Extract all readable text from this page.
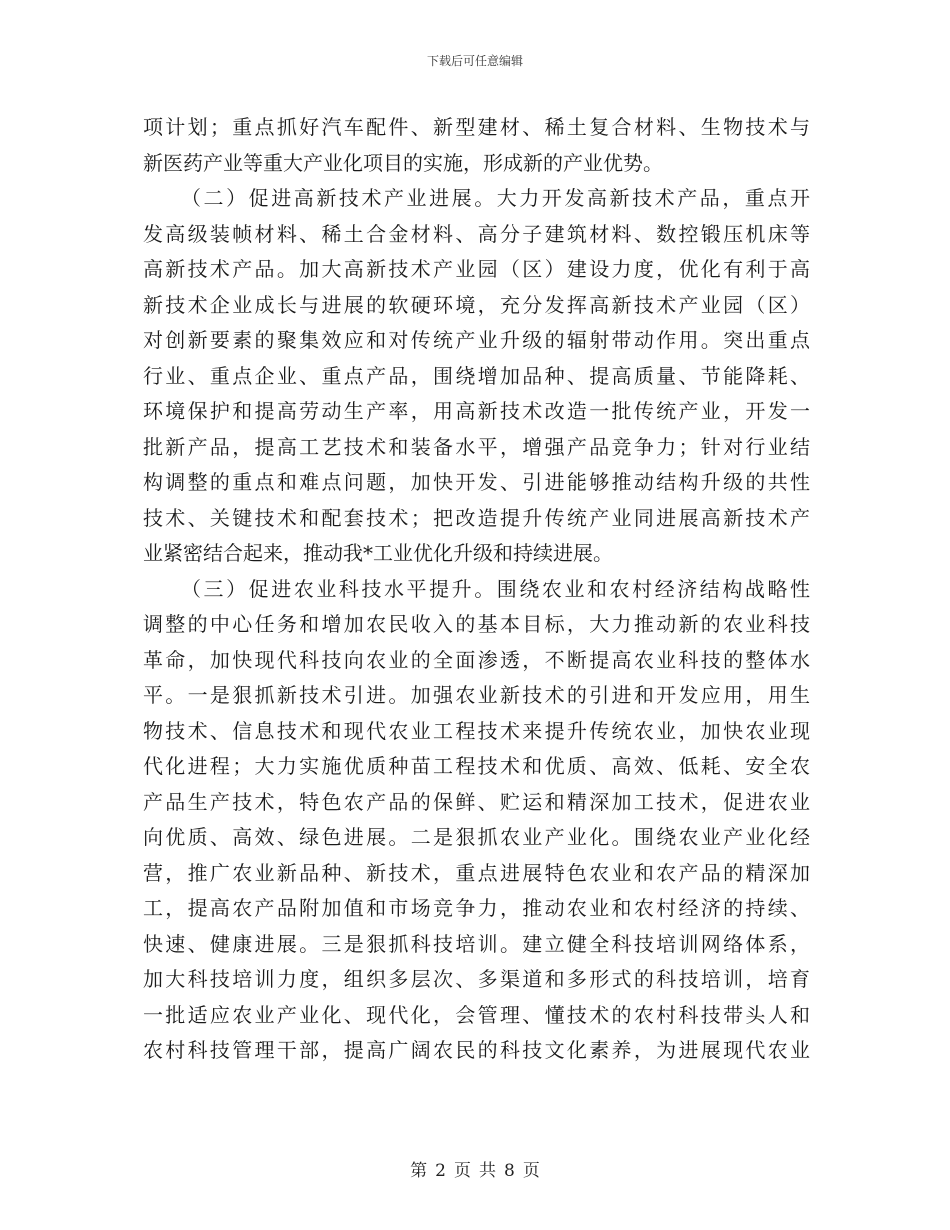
下载后可任意编辑
项计划；重点抓好汽车配件、新型建材、稀土复合材料、生物技术与
新医药产业等重大产业化项目的实施，形成新的产业优势。
（二）促进高新技术产业进展。大力开发高新技术产品，重点开
发高级装帧材料、稀土合金材料、高分子建筑材料、数控锻压机床等
高新技术产品。加大高新技术产业园（区）建设力度，优化有利于高
新技术企业成长与进展的软硬环境，充分发挥高新技术产业园（区）
对创新要素的聚集效应和对传统产业升级的辐射带动作用。突出重点
行业、重点企业、重点产品，围绕增加品种、提高质量、节能降耗、
环境保护和提高劳动生产率，用高新技术改造一批传统产业，开发一
批新产品，提高工艺技术和装备水平，增强产品竞争力；针对行业结
构调整的重点和难点问题，加快开发、引进能够推动结构升级的共性
技术、关键技术和配套技术；把改造提升传统产业同进展高新技术产
业紧密结合起来，推动我*工业优化升级和持续进展。
（三）促进农业科技水平提升。围绕农业和农村经济结构战略性
调整的中心任务和增加农民收入的基本目标，大力推动新的农业科技
革命，加快现代科技向农业的全面渗透，不断提高农业科技的整体水
平。一是狠抓新技术引进。加强农业新技术的引进和开发应用，用生
物技术、信息技术和现代农业工程技术来提升传统农业，加快农业现
代化进程；大力实施优质种苗工程技术和优质、高效、低耗、安全农
产品生产技术，特色农产品的保鲜、贮运和精深加工技术，促进农业
向优质、高效、绿色进展。二是狠抓农业产业化。围绕农业产业化经
营，推广农业新品种、新技术，重点进展特色农业和农产品的精深加
工，提高农产品附加值和市场竞争力，推动农业和农村经济的持续、
快速、健康进展。三是狠抓科技培训。建立健全科技培训网络体系，
加大科技培训力度，组织多层次、多渠道和多形式的科技培训，培育
一批适应农业产业化、现代化，会管理、懂技术的农村科技带头人和
农村科技管理干部，提高广阔农民的科技文化素养，为进展现代农业
第 2 页 共 8 页
